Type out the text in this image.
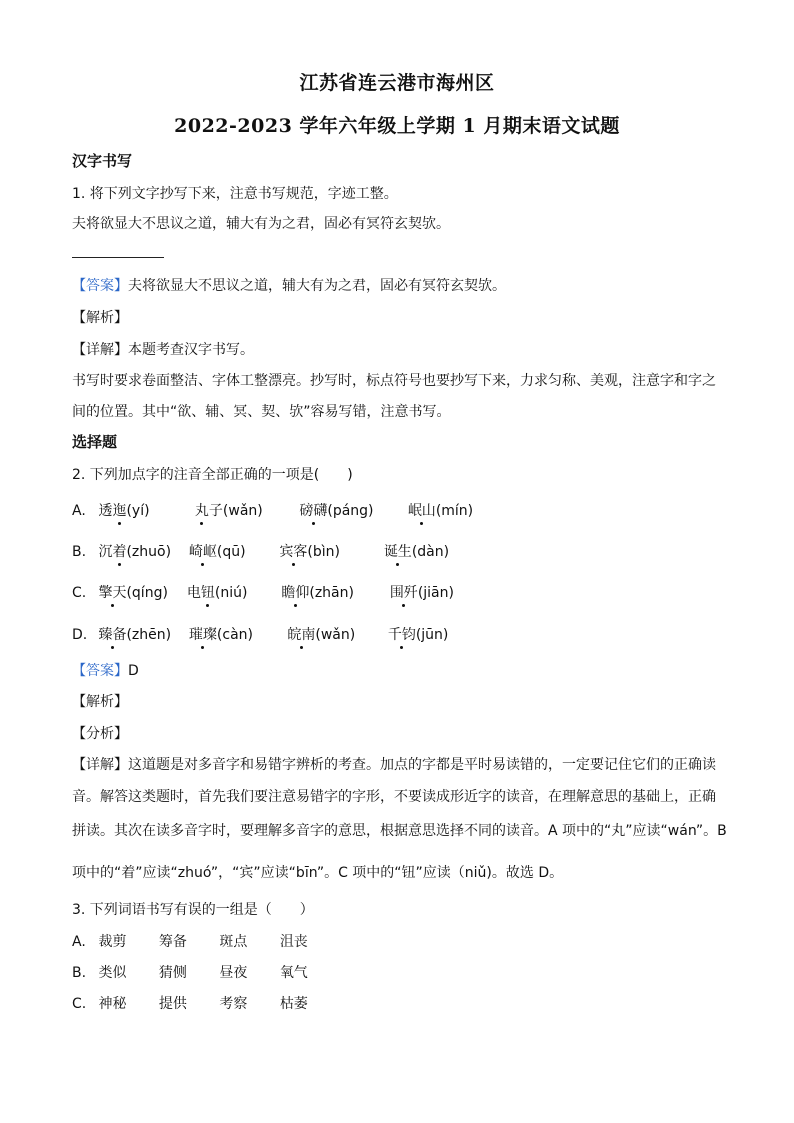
江苏省连云港市海州区
2022-2023 学年六年级上学期 1 月期末语文试题
汉字书写
1. 将下列文字抄写下来，注意书写规范，字迹工整。
夫将欲显大不思议之道，辅大有为之君，固必有冥符玄契欤。
【答案】夫将欲显大不思议之道，辅大有为之君，固必有冥符玄契欤。
【解析】
【详解】本题考查汉字书写。
书写时要求卷面整洁、字体工整漂亮。抄写时，标点符号也要抄写下来，力求匀称、美观，注意字和字之
间的位置。其中“欲、辅、冥、契、欤”容易写错，注意书写。
选择题
2. 下列加点字的注音全部正确的一项是(　　)
A. 透迤(yí)	丸子(wǎn)	磅礴(páng) 岷山(mín)
B. 沉着(zhuō) 崎岖(qū) 宾客(bìn)	诞生(dàn)
C. 擎天(qíng) 电钮(niú) 瞻仰(zhān)	围歼(jiān)
D. 臻备(zhēn) 璀璨(càn) 皖南(wǎn) 千钧(jūn)
【答案】D
【解析】
【分析】
【详解】这道题是对多音字和易错字辨析的考查。加点的字都是平时易读错的，一定要记住它们的正确读
音。解答这类题时，首先我们要注意易错字的字形，不要读成形近字的读音，在理解意思的基础上，正确
拼读。其次在读多音字时，要理解多音字的意思，根据意思选择不同的读音。A 项中的“丸”应读“wán”。B
项中的“着”应读“zhuó”，“宾”应读“bīn”。C 项中的“钮”应读（niǔ)。故选 D。
3. 下列词语书写有误的一组是（　　）
A. 裁剪 筹备 斑点 沮丧
B. 类似 猜侧 昼夜 氧气
C. 神秘 提供 考察 枯萎
